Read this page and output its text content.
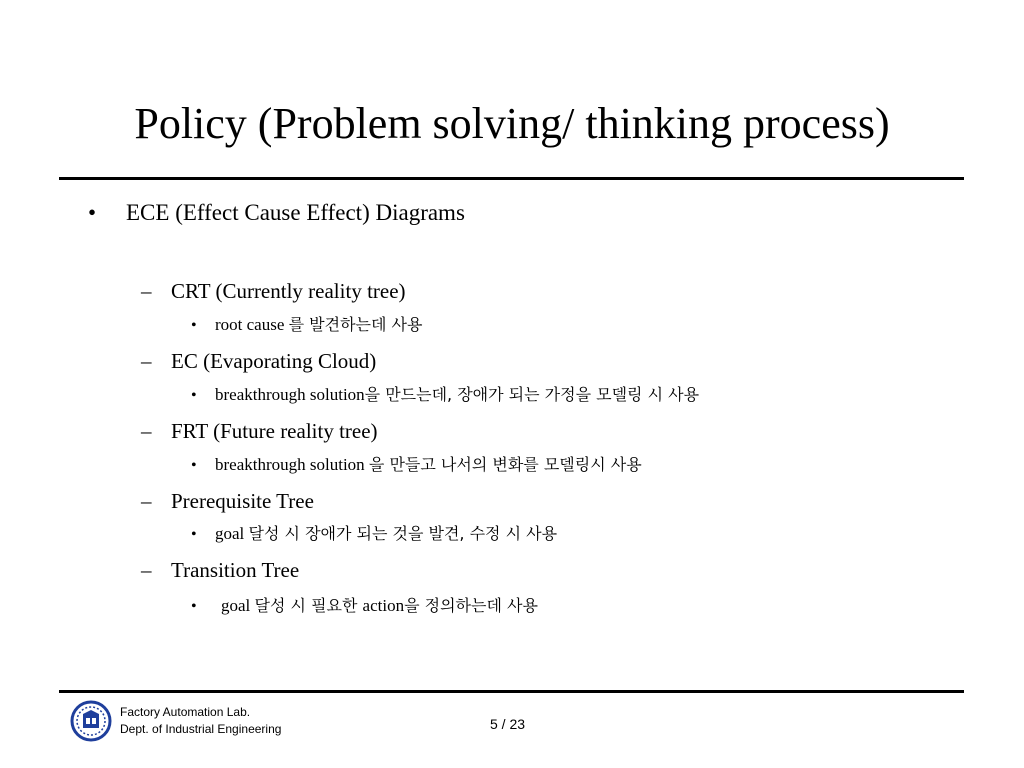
Policy (Problem solving/ thinking process)
• ECE (Effect Cause Effect) Diagrams
– CRT (Currently reality tree)
• root cause 를 발견하는데 사용
– EC (Evaporating Cloud)
• breakthrough solution을 만드는데, 장애가 되는 가정을 모델링 시 사용
– FRT (Future reality tree)
• breakthrough solution 을 만들고 나서의 변화를 모델링시 사용
– Prerequisite Tree
• goal 달성 시 장애가 되는 것을 발견, 수정 시 사용
– Transition Tree
• goal 달성 시 필요한 action을 정의하는데 사용
Factory Automation Lab.
Dept. of Industrial Engineering	5 / 23
